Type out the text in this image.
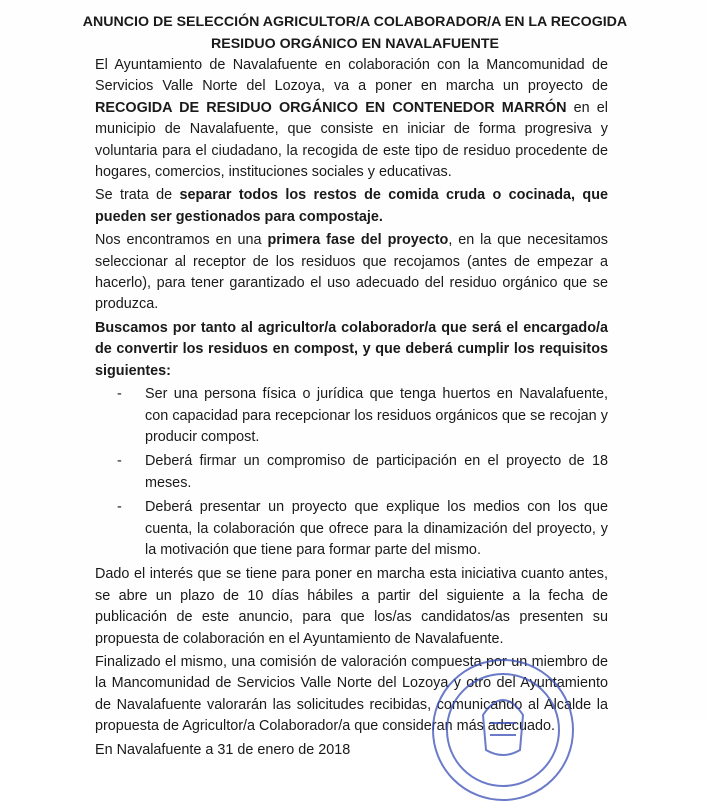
ANUNCIO DE SELECCIÓN AGRICULTOR/A COLABORADOR/A EN LA RECOGIDA
RESIDUO ORGÁNICO EN NAVALAFUENTE

El Ayuntamiento de Navalafuente en colaboración con la Mancomunidad de Servicios Valle Norte del Lozoya, va a poner en marcha un proyecto de RECOGIDA DE RESIDUO ORGÁNICO EN CONTENEDOR MARRÓN en el municipio de Navalafuente, que consiste en iniciar de forma progresiva y voluntaria para el ciudadano, la recogida de este tipo de residuo procedente de hogares, comercios, instituciones sociales y educativas.

Se trata de separar todos los restos de comida cruda o cocinada, que pueden ser gestionados para compostaje.

Nos encontramos en una primera fase del proyecto, en la que necesitamos seleccionar al receptor de los residuos que recojamos (antes de empezar a hacerlo), para tener garantizado el uso adecuado del residuo orgánico que se produzca.

Buscamos por tanto al agricultor/a colaborador/a que será el encargado/a de convertir los residuos en compost, y que deberá cumplir los requisitos siguientes:

- Ser una persona física o jurídica que tenga huertos en Navalafuente, con capacidad para recepcionar los residuos orgánicos que se recojan y producir compost.
- Deberá firmar un compromiso de participación en el proyecto de 18 meses.
- Deberá presentar un proyecto que explique los medios con los que cuenta, la colaboración que ofrece para la dinamización del proyecto, y la motivación que tiene para formar parte del mismo.

Dado el interés que se tiene para poner en marcha esta iniciativa cuanto antes, se abre un plazo de 10 días hábiles a partir del siguiente a la fecha de publicación de este anuncio, para que los/as candidatos/as presenten su propuesta de colaboración en el Ayuntamiento de Navalafuente.

Finalizado el mismo, una comisión de valoración compuesta por un miembro de la Mancomunidad de Servicios Valle Norte del Lozoya y otro del Ayuntamiento de Navalafuente valorarán las solicitudes recibidas, comunicando al Alcalde la propuesta de Agricultor/a Colaborador/a que consideran más adecuado.

En Navalafuente a 31 de enero de 2018
